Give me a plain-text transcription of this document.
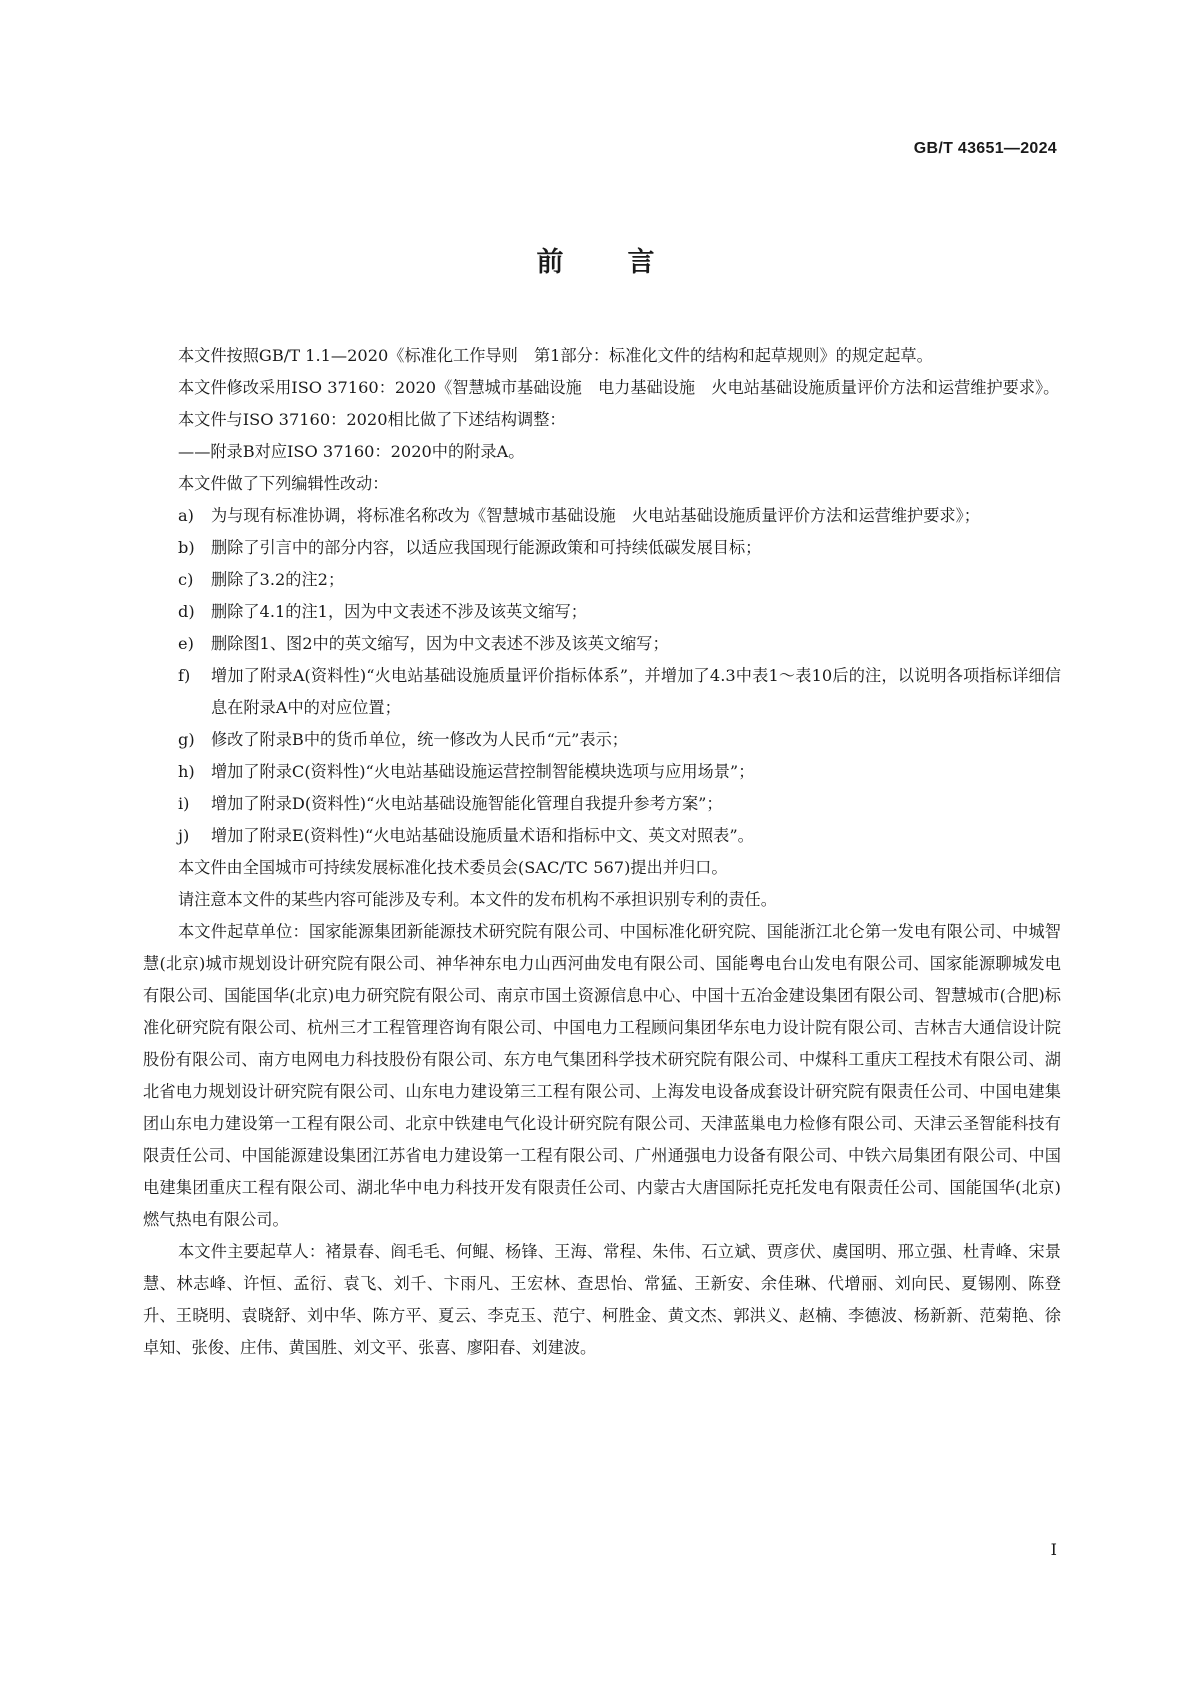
GB/T 43651—2024
前言

本文件按照GB/T 1.1—2020《标准化工作导则　第1部分：标准化文件的结构和起草规则》的规定起草。

本文件修改采用ISO 37160：2020《智慧城市基础设施　电力基础设施　火电站基础设施质量评价方法和运营维护要求》。

本文件与ISO 37160：2020相比做了下述结构调整：

——附录B对应ISO 37160：2020中的附录A。

本文件做了下列编辑性改动：

a) 为与现有标准协调，将标准名称改为《智慧城市基础设施　火电站基础设施质量评价方法和运营维护要求》；

b) 删除了引言中的部分内容，以适应我国现行能源政策和可持续低碳发展目标；

c) 删除了3.2的注2；

d) 删除了4.1的注1，因为中文表述不涉及该英文缩写；

e) 删除图1、图2中的英文缩写，因为中文表述不涉及该英文缩写；

f) 增加了附录A(资料性)“火电站基础设施质量评价指标体系”，并增加了4.3中表1～表10后的注，以说明各项指标详细信息在附录A中的对应位置；

g) 修改了附录B中的货币单位，统一修改为人民币“元”表示；

h) 增加了附录C(资料性)“火电站基础设施运营控制智能模块选项与应用场景”；

i) 增加了附录D(资料性)“火电站基础设施智能化管理自我提升参考方案”；

j) 增加了附录E(资料性)“火电站基础设施质量术语和指标中文、英文对照表”。

本文件由全国城市可持续发展标准化技术委员会(SAC/TC 567)提出并归口。

请注意本文件的某些内容可能涉及专利。本文件的发布机构不承担识别专利的责任。

本文件起草单位：国家能源集团新能源技术研究院有限公司、中国标准化研究院、国能浙江北仑第一发电有限公司、中城智慧(北京)城市规划设计研究院有限公司、神华神东电力山西河曲发电有限公司、国能粤电台山发电有限公司、国家能源聊城发电有限公司、国能国华(北京)电力研究院有限公司、南京市国土资源信息中心、中国十五冶金建设集团有限公司、智慧城市(合肥)标准化研究院有限公司、杭州三才工程管理咨询有限公司、中国电力工程顾问集团华东电力设计院有限公司、吉林吉大通信设计院股份有限公司、南方电网电力科技股份有限公司、东方电气集团科学技术研究院有限公司、中煤科工重庆工程技术有限公司、湖北省电力规划设计研究院有限公司、山东电力建设第三工程有限公司、上海发电设备成套设计研究院有限责任公司、中国电建集团山东电力建设第一工程有限公司、北京中铁建电气化设计研究院有限公司、天津蓝巢电力检修有限公司、天津云圣智能科技有限责任公司、中国能源建设集团江苏省电力建设第一工程有限公司、广州通强电力设备有限公司、中铁六局集团有限公司、中国电建集团重庆工程有限公司、湖北华中电力科技开发有限责任公司、内蒙古大唐国际托克托发电有限责任公司、国能国华(北京)燃气热电有限公司。

本文件主要起草人：褚景春、阎毛毛、何鲲、杨锋、王海、常程、朱伟、石立斌、贾彦伏、虞国明、邢立强、杜青峰、宋景慧、林志峰、许恒、孟衍、袁飞、刘千、卞雨凡、王宏林、查思怡、常猛、王新安、余佳琳、代增丽、刘向民、夏锡刚、陈登升、王晓明、袁晓舒、刘中华、陈方平、夏云、李克玉、范宁、柯胜金、黄文杰、郭洪义、赵楠、李德波、杨新新、范菊艳、徐卓知、张俊、庄伟、黄国胜、刘文平、张喜、廖阳春、刘建波。

I
